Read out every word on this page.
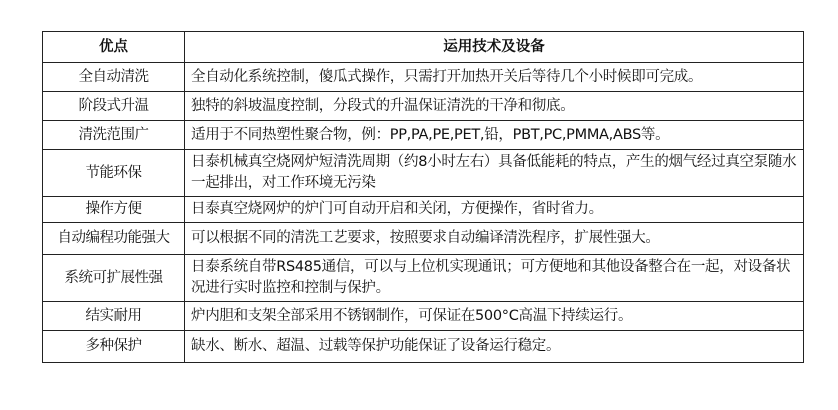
优点	运用技术及设备
全自动清洗	全自动化系统控制，傻瓜式操作，只需打开加热开关后等待几个小时候即可完成。
阶段式升温	独特的斜坡温度控制，分段式的升温保证清洗的干净和彻底。
清洗范围广	适用于不同热塑性聚合物，例：PP,PA,PE,PET,铅，PBT,PC,PMMA,ABS等。
节能环保	日泰机械真空烧网炉短清洗周期（约8小时左右）具备低能耗的特点，产生的烟气经过真空泵随水一起排出，对工作环境无污染
操作方便	日泰真空烧网炉的炉门可自动开启和关闭，方便操作，省时省力。
自动编程功能强大	可以根据不同的清洗工艺要求，按照要求自动编译清洗程序，扩展性强大。
系统可扩展性强	日泰系统自带RS485通信，可以与上位机实现通讯；可方便地和其他设备整合在一起，对设备状况进行实时监控和控制与保护。
结实耐用	炉内胆和支架全部采用不锈钢制作，可保证在500°C高温下持续运行。
多种保护	缺水、断水、超温、过载等保护功能保证了设备运行稳定。
